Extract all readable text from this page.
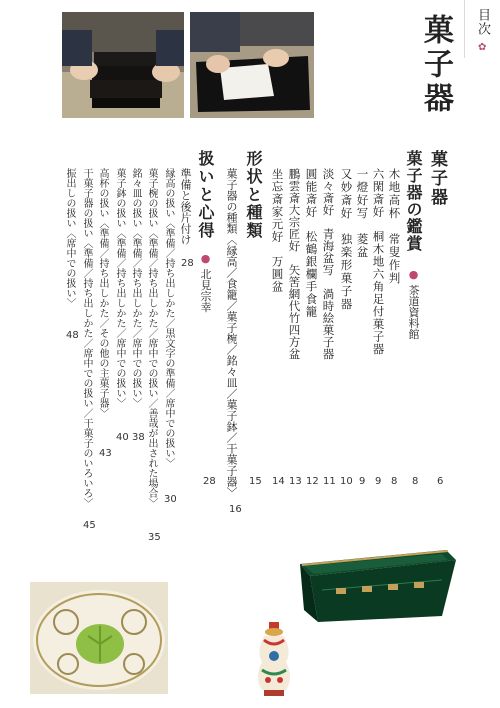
目次
✿
菓子器
菓子器
6
菓子器の鑑賞
● 茶道資料館
8
木地高杯　常叟作判
8
六閑斎好　桐木地六角足付菓子器
9
一燈好写　菱盆
9
又妙斎好　独楽形菓子器
10
淡々斎好　青海盆写　渦時絵菓子器
11
圓能斎好　松鶴銀欄手食籠
12
鵬雲斎大宗匠好　矢筈網代竹四方盆
13
坐忘斎家元好　万圓盆
14
形状と種類
15
菓子器の種類〈縁高／食籠／菓子椀／銘々皿／菓子鉢／干菓子器〉
16
扱いと心得
● 北見宗幸
28
準備と後片付け
28
縁高の扱い〈準備／持ち出しかた／黒文字の準備／席中での扱い〉
30
菓子椀の扱い〈準備／持ち出しかた／席中での扱い／善哉が出された場合〉
35
銘々皿の扱い〈準備／持ち出しかた／席中での扱い〉
38
菓子鉢の扱い〈準備／持ち出しかた／席中での扱い〉
40
高杯の扱い〈準備／持ち出しかた／その他の主菓子器〉
43
干菓子器の扱い〈準備／持ち出しかた／席中での扱い／干菓子のいろいろ〉
45
振出しの扱い〈席中での扱い〉
48
